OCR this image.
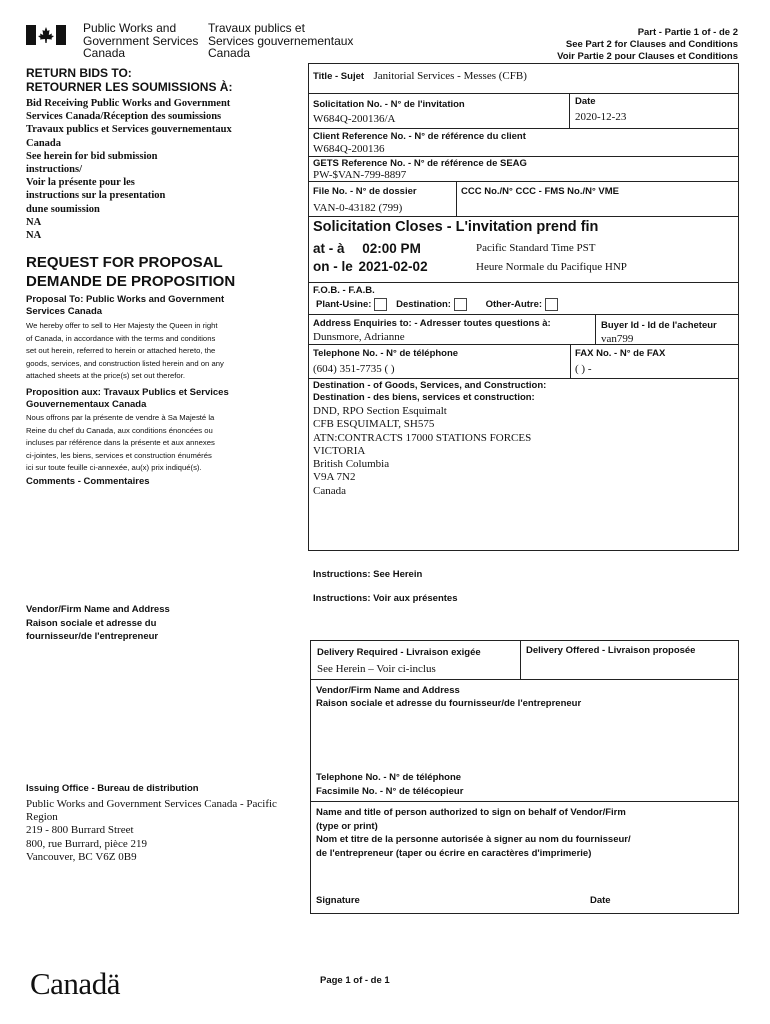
Public Works and
Government Services
Canada
Travaux publics et
Services gouvernementaux
Canada
Part - Partie 1 of - de 2
See Part 2 for Clauses and Conditions
Voir Partie 2 pour Clauses et Conditions
RETURN BIDS TO:
RETOURNER LES SOUMISSIONS À:
Bid Receiving Public Works and Government
Services Canada/Réception des soumissions
Travaux publics et Services gouvernementaux
Canada
See herein for bid submission
instructions/
Voir la présente pour les
instructions sur la presentation
dune soumission
NA
NA
REQUEST FOR PROPOSAL
DEMANDE DE PROPOSITION
Proposal To: Public Works and Government
Services Canada
We hereby offer to sell to Her Majesty the Queen in right
of Canada, in accordance with the terms and conditions
set out herein, referred to herein or attached hereto, the
goods, services, and construction listed herein and on any
attached sheets at the price(s) set out therefor.
Proposition aux: Travaux Publics et Services
Gouvernementaux Canada
Nous offrons par la présente de vendre à Sa Majesté la
Reine du chef du Canada, aux conditions énoncées ou
incluses par référence dans la présente et aux annexes
ci-jointes, les biens, services et construction énumérés
ici sur toute feuille ci-annexée, au(x) prix indiqué(s).
Comments - Commentaires
Vendor/Firm Name and Address
Raison sociale et adresse du
fournisseur/de l'entrepreneur
Issuing Office - Bureau de distribution
Public Works and Government Services Canada - Pacific
Region
219 - 800 Burrard Street
800, rue Burrard, pièce 219
Vancouver, BC V6Z 0B9
Title - Sujet Janitorial Services - Messes (CFB)
Solicitation No. - N° de l'invitation
W684Q-200136/A
Date
2020-12-23
Client Reference No. - N° de référence du client
W684Q-200136
GETS Reference No. - N° de référence de SEAG
PW-$VAN-799-8897
File No. - N° de dossier
VAN-0-43182 (799)
CCC No./N° CCC - FMS No./N° VME
Solicitation Closes - L'invitation prend fin
at - à 02:00 PM
on - le 2021-02-02
Pacific Standard Time PST
Heure Normale du Pacifique HNP
F.O.B. - F.A.B.
Plant-Usine:	Destination:	Other-Autre:
Address Enquiries to: - Adresser toutes questions à:
Dunsmore, Adrianne
Buyer Id - Id de l'acheteur
van799
Telephone No. - N° de téléphone
(604) 351-7735 ( )
FAX No. - N° de FAX
( ) -
Destination - of Goods, Services, and Construction:
Destination - des biens, services et construction:
DND, RPO Section Esquimalt
CFB ESQUIMALT, SH575
ATN:CONTRACTS 17000 STATIONS FORCES
VICTORIA
British Columbia
V9A 7N2
Canada
Instructions: See Herein
Instructions: Voir aux présentes
Delivery Required - Livraison exigée
See Herein – Voir ci-inclus
Delivery Offered - Livraison proposée
Vendor/Firm Name and Address
Raison sociale et adresse du fournisseur/de l'entrepreneur
Telephone No. - N° de téléphone
Facsimile No. - N° de télécopieur
Name and title of person authorized to sign on behalf of Vendor/Firm
(type or print)
Nom et titre de la personne autorisée à signer au nom du fournisseur/
de l'entrepreneur (taper ou écrire en caractères d'imprimerie)
Signature	Date
Canadä	Page 1 of - de 1
